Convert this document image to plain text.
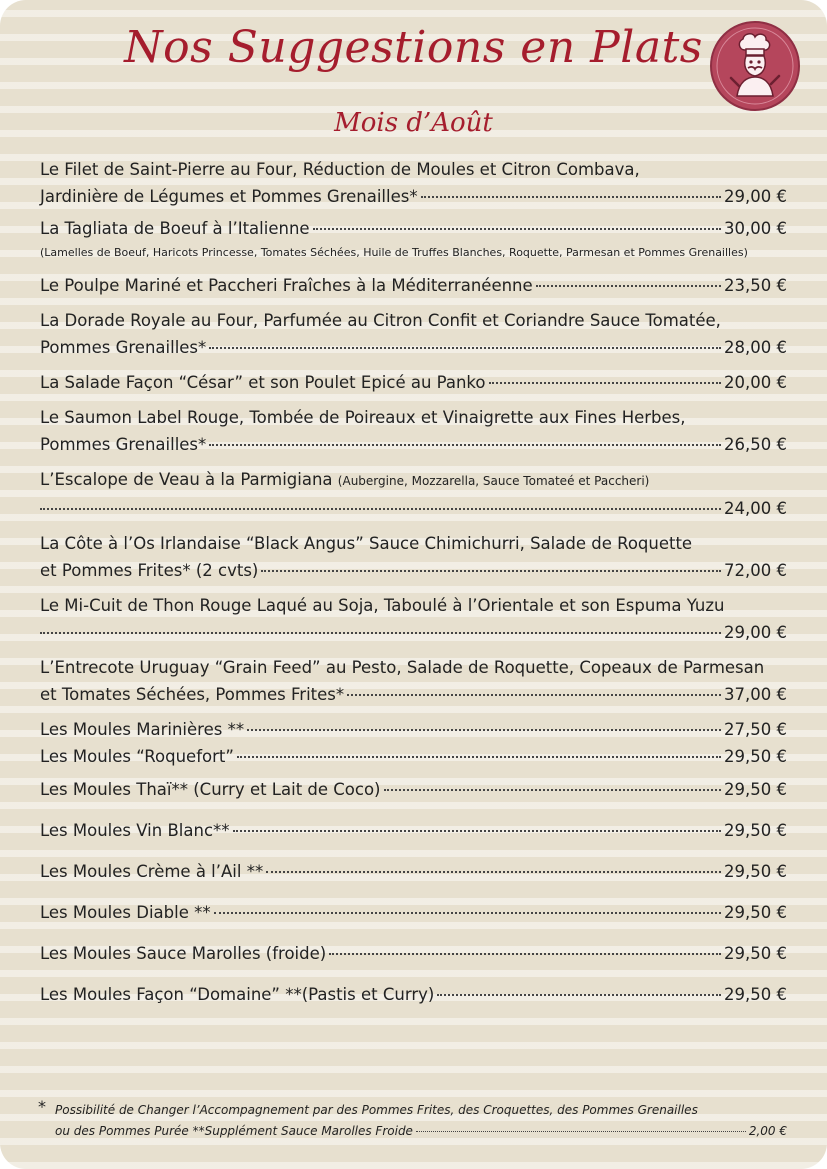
Nos Suggestions en Plats
Mois d’Août
Le Filet de Saint-Pierre au Four, Réduction de Moules et Citron Combava,
Jardinière de Légumes et Pommes Grenailles*	29,00 €
La Tagliata de Boeuf à l’Italienne	30,00 €
(Lamelles de Boeuf, Haricots Princesse, Tomates Séchées, Huile de Truffes Blanches, Roquette, Parmesan et Pommes Grenailles)
Le Poulpe Mariné et Paccheri Fraîches à la Méditerranéenne	23,50 €
La Dorade Royale au Four, Parfumée au Citron Confit et Coriandre Sauce Tomatée,
Pommes Grenailles*	28,00 €
La Salade Façon “César” et son Poulet Epicé au Panko	20,00 €
Le Saumon Label Rouge, Tombée de Poireaux et Vinaigrette aux Fines Herbes,
Pommes Grenailles*	26,50 €
L’Escalope de Veau à la Parmigiana (Aubergine, Mozzarella, Sauce Tomateé et Paccheri)
24,00 €
La Côte à l’Os Irlandaise “Black Angus” Sauce Chimichurri, Salade de Roquette
et Pommes Frites* (2 cvts)	72,00 €
Le Mi-Cuit de Thon Rouge Laqué au Soja, Taboulé à l’Orientale et son Espuma Yuzu
29,00 €
L’Entrecote Uruguay “Grain Feed” au Pesto, Salade de Roquette, Copeaux de Parmesan
et Tomates Séchées, Pommes Frites*	37,00 €
Les Moules Marinières **	27,50 €
Les Moules “Roquefort”	29,50 €
Les Moules Thaï** (Curry et Lait de Coco)	29,50 €
Les Moules Vin Blanc**	29,50 €
Les Moules Crème à l’Ail **	29,50 €
Les Moules Diable **	29,50 €
Les Moules Sauce Marolles (froide)	29,50 €
Les Moules Façon “Domaine” **(Pastis et Curry)	29,50 €
* Possibilité de Changer l’Accompagnement par des Pommes Frites, des Croquettes, des Pommes Grenailles
ou des Pommes Purée **Supplément Sauce Marolles Froide	2,00 €
